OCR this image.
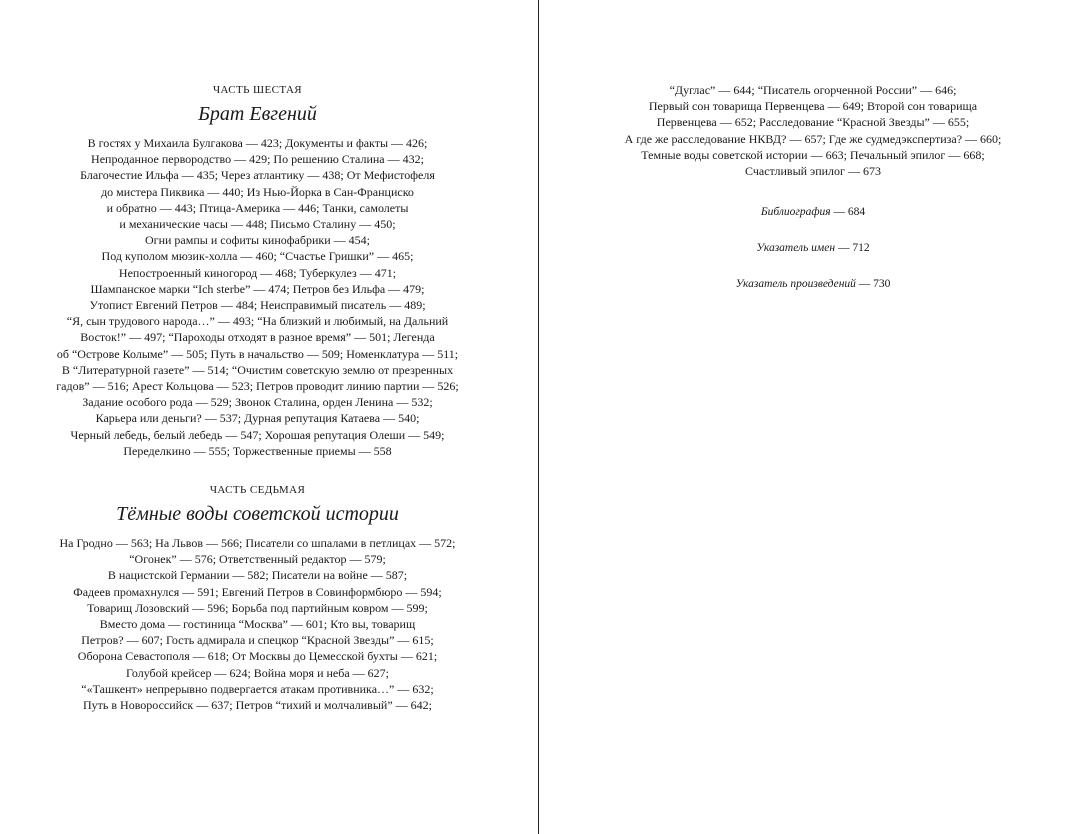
ЧАСТЬ ШЕСТАЯ

Брат Евгений

В гостях у Михаила Булгакова — 423; Документы и факты — 426;

Непроданное первородство — 429; По решению Сталина — 432;

Благочестие Ильфа — 435; Через атлантику — 438; От Мефистофеля

до мистера Пиквика — 440; Из Нью-Йорка в Сан-Франциско

и обратно — 443; Птица-Америка — 446; Танки, самолеты

и механические часы — 448; Письмо Сталину — 450;

Огни рампы и софиты кинофабрики — 454;

Под куполом мюзик-холла — 460; “Счастье Гришки” — 465;

Непостроенный киногород — 468; Туберкулез — 471;

Шампанское марки “Ich sterbe” — 474; Петров без Ильфа — 479;

Утопист Евгений Петров — 484; Неисправимый писатель — 489;

“Я, сын трудового народа…” — 493; “На близкий и любимый, на Дальний

Восток!” — 497; “Пароходы отходят в разное время” — 501; Легенда

об “Острове Колыме” — 505; Путь в начальство — 509; Номенклатура — 511;

В “Литературной газете” — 514; “Очистим советскую землю от презренных

гадов” — 516; Арест Кольцова — 523; Петров проводит линию партии — 526;

Задание особого рода — 529; Звонок Сталина, орден Ленина — 532;

Карьера или деньги? — 537; Дурная репутация Катаева — 540;

Черный лебедь, белый лебедь — 547; Хорошая репутация Олеши — 549;

Переделкино — 555; Торжественные приемы — 558

ЧАСТЬ СЕДЬМАЯ

Тёмные воды советской истории

На Гродно — 563; На Львов — 566; Писатели со шпалами в петлицах — 572;

“Огонек” — 576; Ответственный редактор — 579;

В нацистской Германии — 582; Писатели на войне — 587;

Фадеев промахнулся — 591; Евгений Петров в Совинформбюро — 594;

Товарищ Лозовский — 596; Борьба под партийным ковром — 599;

Вместо дома — гостиница “Москва” — 601; Кто вы, товарищ

Петров? — 607; Гость адмирала и спецкор “Красной Звезды” — 615;

Оборона Севастополя — 618; От Москвы до Цемесской бухты — 621;

Голубой крейсер — 624; Война моря и неба — 627;

“«Ташкент» непрерывно подвергается атакам противника…” — 632;

Путь в Новороссийск — 637; Петров “тихий и молчаливый” — 642;

“Дуглас” — 644; “Писатель огорченной России” — 646;

Первый сон товарища Первенцева — 649; Второй сон товарища

Первенцева — 652; Расследование “Красной Звезды” — 655;

А где же расследование НКВД? — 657; Где же судмедэкспертиза? — 660;

Темные воды советской истории — 663; Печальный эпилог — 668;

Счастливый эпилог — 673

Библиография — 684
Указатель имен — 712
Указатель произведений — 730
